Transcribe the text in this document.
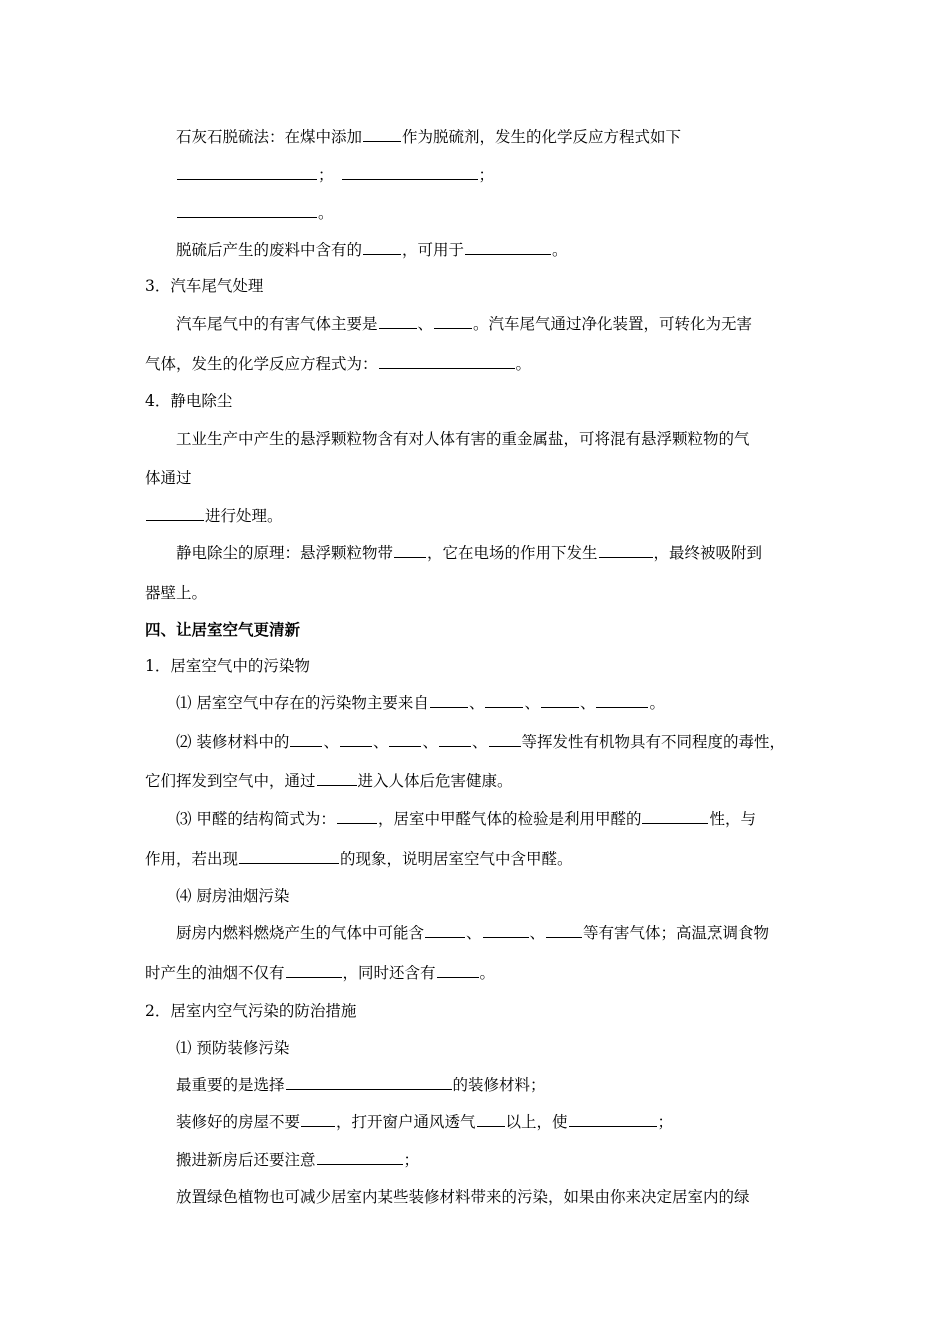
石灰石脱硫法：在煤中添加	作为脱硫剂，发生的化学反应方程式如下
；	；
。
脱硫后产生的废料中含有的	，可用于	。
3．汽车尾气处理
汽车尾气中的有害气体主要是	、	。汽车尾气通过净化装置，可转化为无害
气体，发生的化学反应方程式为：	。
4．静电除尘
工业生产中产生的悬浮颗粒物含有对人体有害的重金属盐，可将混有悬浮颗粒物的气
体通过
进行处理。
静电除尘的原理：悬浮颗粒物带 ，它在电场的作用下发生	，最终被吸附到
器壁上。
四、让居室空气更清新
1．居室空气中的污染物
⑴ 居室空气中存在的污染物主要来自	、	、	、	。
⑵ 装修材料中的 、 、 、 、 等挥发性有机物具有不同程度的毒性，
它们挥发到空气中，通过	进入人体后危害健康。
⑶ 甲醛的结构简式为：	，居室中甲醛气体的检验是利用甲醛的	性，与
作用，若出现	的现象，说明居室空气中含甲醛。
⑷ 厨房油烟污染
厨房内燃料燃烧产生的气体中可能含	、	、 等有害气体；高温烹调食物
时产生的油烟不仅有	，同时还含有	。
2．居室内空气污染的防治措施
⑴ 预防装修污染
最重要的是选择	的装修材料；
装修好的房屋不要 ，打开窗户通风透气 以上，使	；
搬进新房后还要注意	；
放置绿色植物也可减少居室内某些装修材料带来的污染，如果由你来决定居室内的绿
